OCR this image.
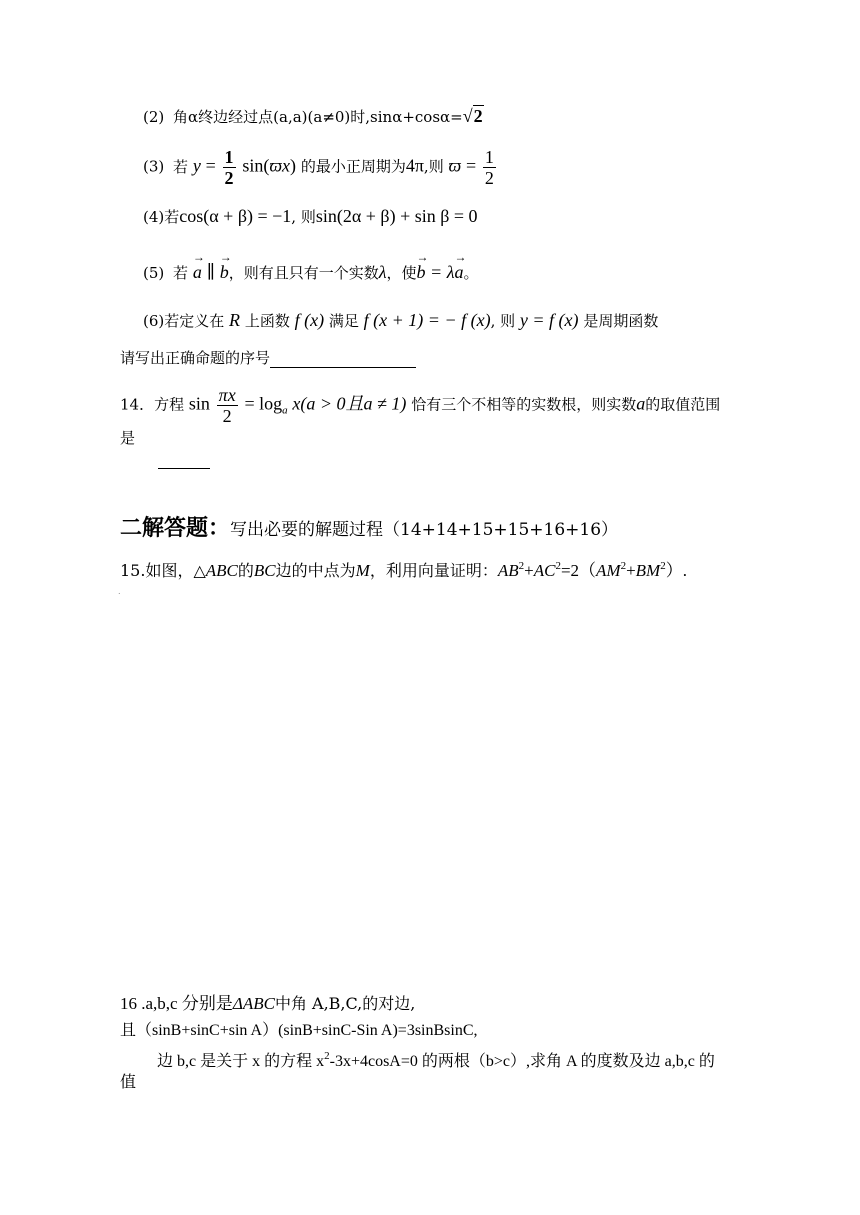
(2) 角α终边经过点(a,a)(a≠0)时,sinα+cosα=√2
(3) 若 $y = \frac{1}{2} \sin(ϖx)$ 的最小正周期为4π,则 $ϖ = \frac{1}{2}$
(4)若cos(α + β) = −1, 则sin(2α + β) + sin β = 0
(5) 若 → a ∥ → b，则有且只有一个实数λ，使→ b = λ→ a。
(6)若定义在 R 上函数 f (x) 满足 f (x + 1) = − f (x), 则 y = f (x) 是周期函数
请写出正确命题的序号
14．方程 $\sin \frac{\pi x}{2} = \log_a x(a > 0$且a ≠ 1) 恰有三个不相等的实数根，则实数a的取值范围
是
二解答题：写出必要的解题过程（14+14+15+15+16+16）
15.如图，△ABC的BC边的中点为M，利用向量证明：$AB^2+AC^2=2(AM^2+BM^2)$.
.
16 .a,b,c 分别是ΔABC中角 A,B,C,的对边,
且（sinB+sinC+sin A）(sinB+sinC-Sin A)=3sinBsinC,
边 b,c 是关于 x 的方程 $x^2-3x+4\cos A=0$ 的两根（b>c）,求角 A 的度数及边 a,b,c 的
值
